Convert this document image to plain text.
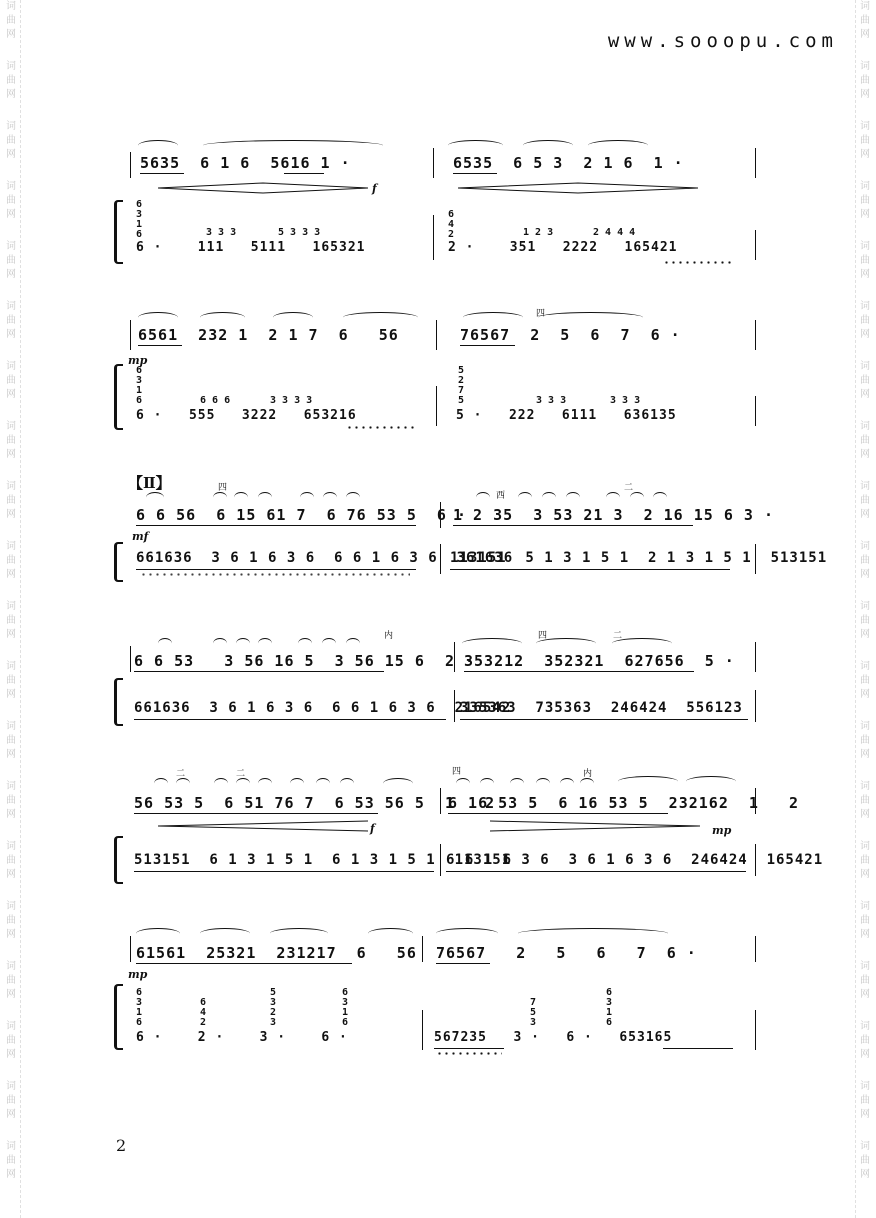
www.sooopu.com
词
曲
网
词
曲
网
词
曲
网
词
曲
网
词
曲
网
词
曲
网
词
曲
网
词
曲
网
词
曲
网
词
曲
网
词
曲
网
词
曲
网
词
曲
网
词
曲
网
词
曲
网
词
曲
网
词
曲
网
词
曲
网
词
曲
网
词
曲
网
词
曲
网
词
曲
网
词
曲
网
词
曲
网
词
曲
网
词
曲
网
词
曲
网
词
曲
网
词
曲
网
词
曲
网
词
曲
网
词
曲
网
词
曲
网
词
曲
网
词
曲
网
词
曲
网
词
曲
网
词
曲
网
词
曲
网
词
曲
网
5635  6 1 6  5616 1 ·	6535  6 5 3  2 1 6  1 ·
f
6
3
1
6
6
4
2
3 3 3	5 3 3 3	1 2 3	2 4 4 4
6 ·    111   5111   165321	2 ·    351   2222   165421
四
6561  232 1  2 1 7  6   56	76567  2  5  6  7  6 ·
mp
6
3
1
6
5
2
7
5
6 6 6	3 3 3 3	3 3 3	3 3 3
6 ·   555   3222   653216	5 ·   222   6111   636135
【Ⅱ】	四
西
二
6 6 56  6 15 61 7  6 76 53 5  6 ·
1 2 35  3 53 21 3  2 16 15 6 3 ·
mf
661636  3 6 1 6 3 6  6 6 1 6 3 6  361636
113151  5 1 3 1 5 1  2 1 3 1 5 1  513151
内	四	二
6 6 53   3 56 16 5  3 56 15 6  2 ·
353212  352321  627656  5 ·
661636  3 6 1 6 3 6  6 6 1 6 3 6  216542
335363  735363  246424  556123
二	二	四	内
56 53 5  6 51 76 7  6 53 56 5  1   2
6 16 53 5  6 16 53 5  232162  1   2
f	mp
513151  6 1 3 1 5 1  6 1 3 1 5 1  113151
6 6 1 6 3 6  3 6 1 6 3 6  246424  165421
61561  25321  231217  6   56 76567   2   5   6   7  6 ·
mp
6
3
1
6
6
4
2
5
3
2
3
6
3
1
6
7
5
3
6
3
1
6
6 ·    2 ·    3 ·    6 ·	567235   3 ·   6 ·   653165
2
